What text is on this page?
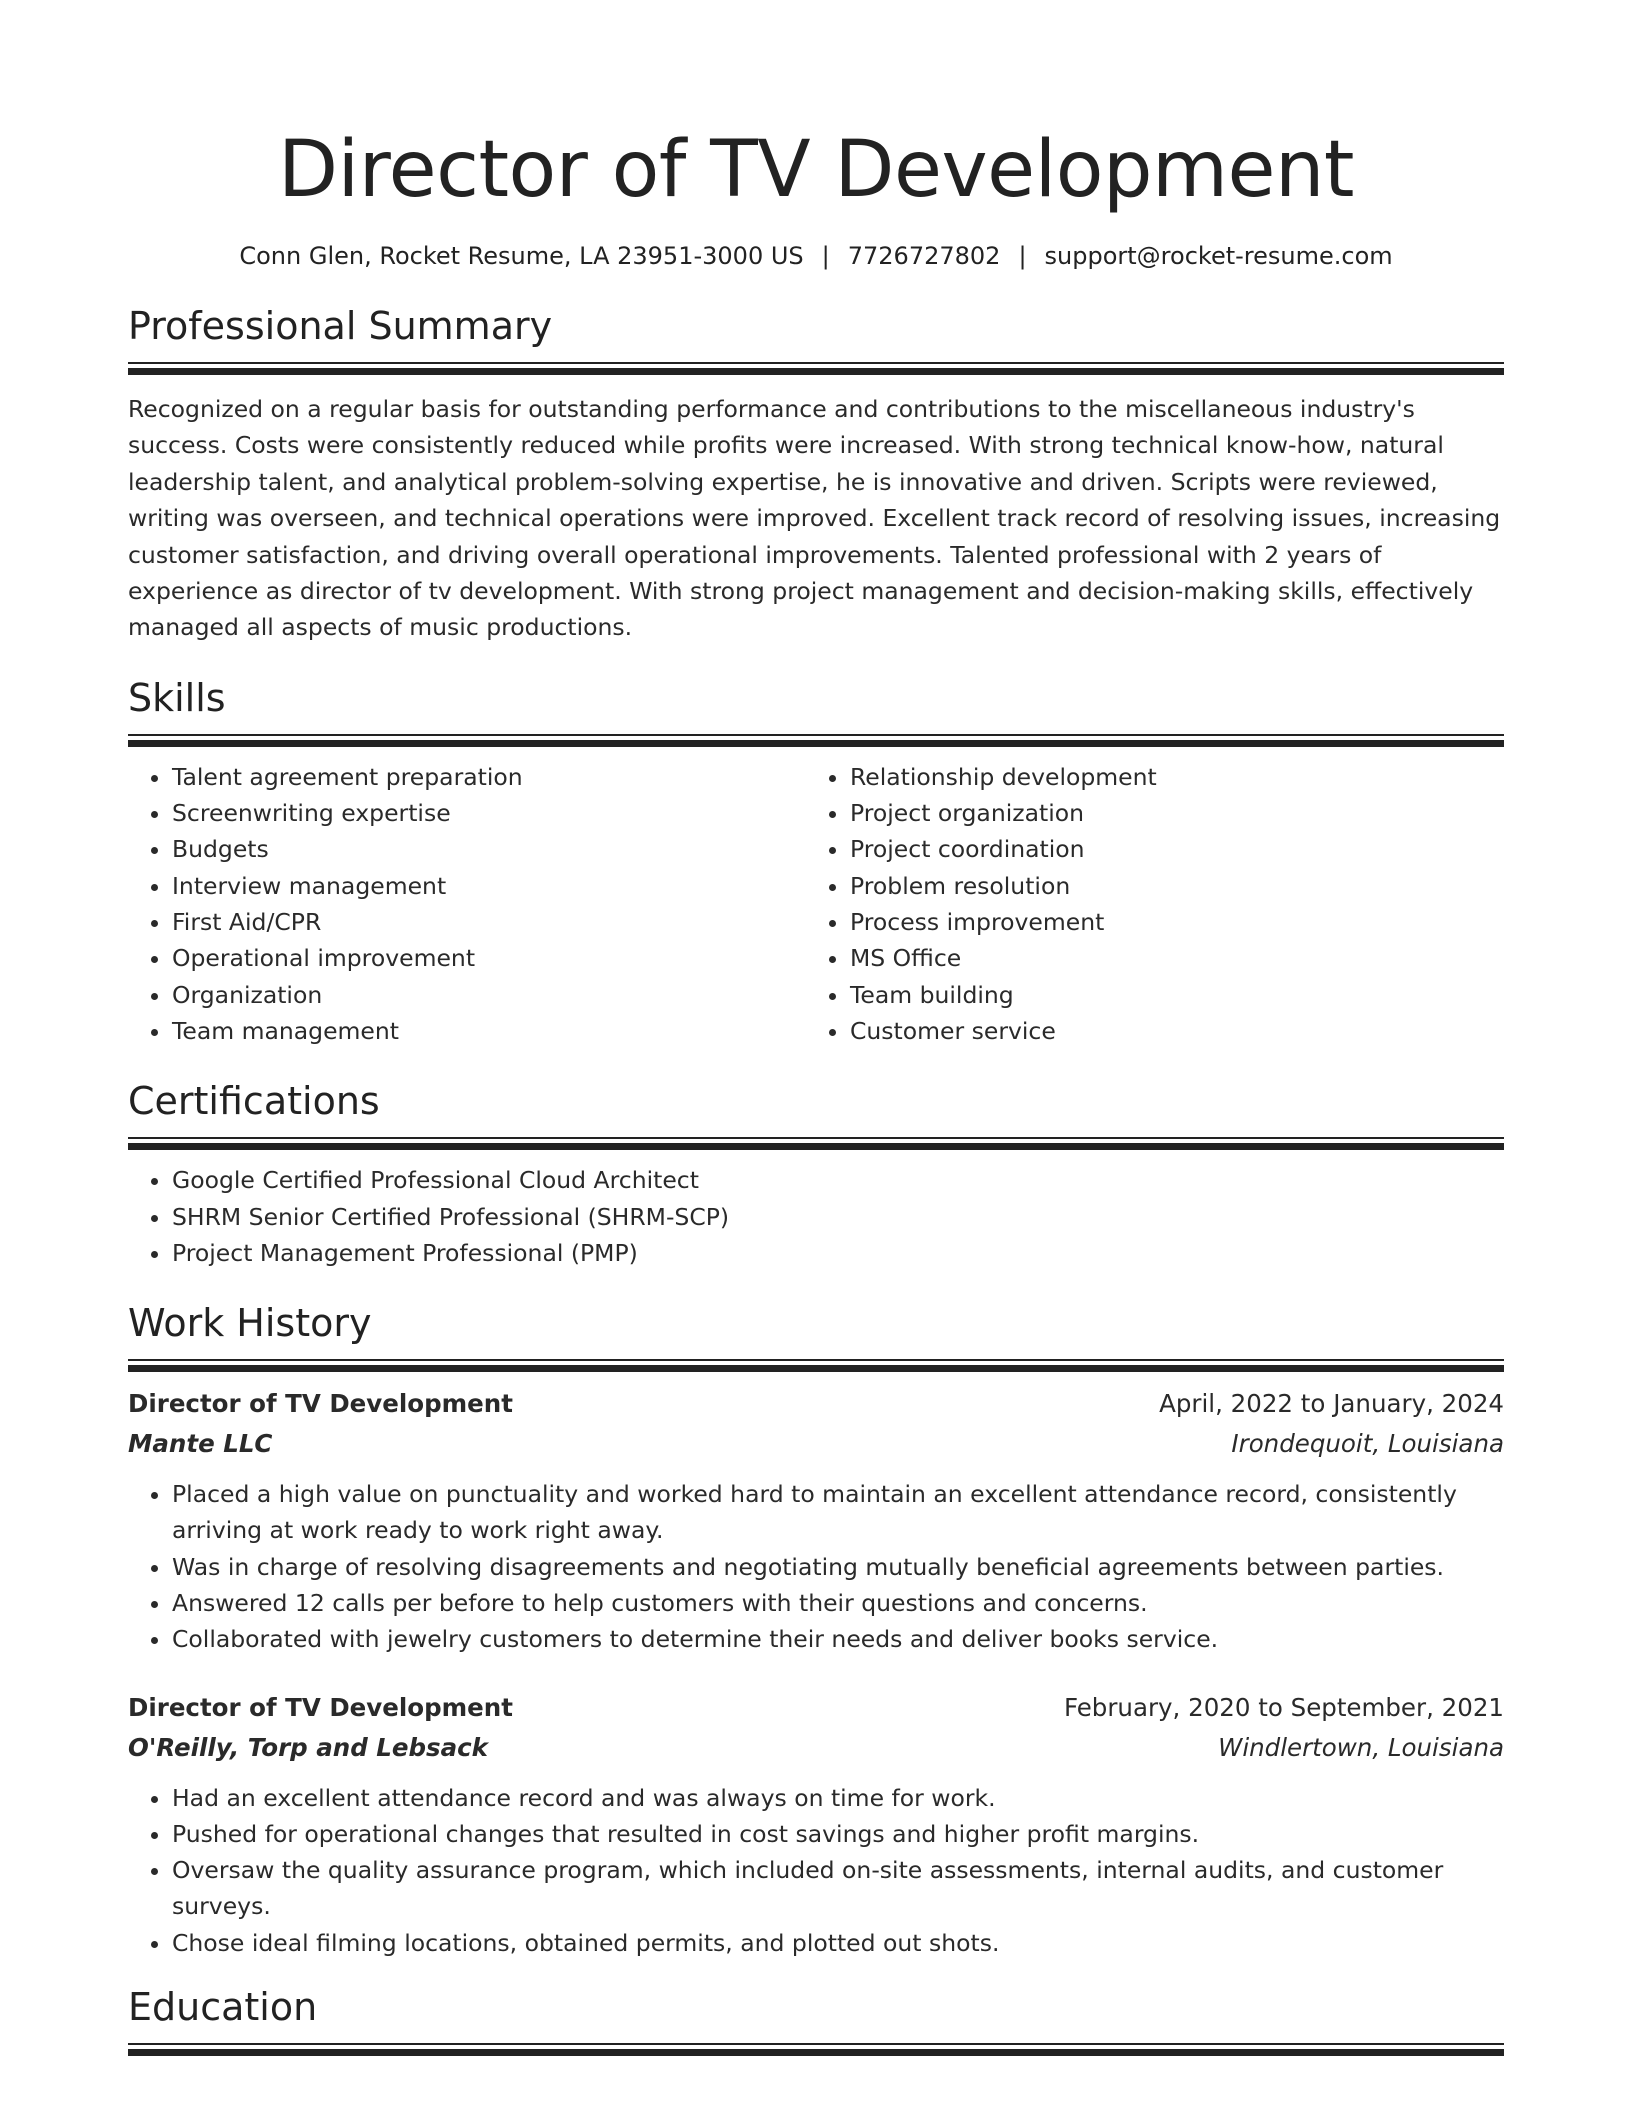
Director of TV Development
Conn Glen, Rocket Resume, LA 23951-3000 US | 7726727802 | support@rocket-resume.com
Professional Summary
Recognized on a regular basis for outstanding performance and contributions to the miscellaneous industry's success. Costs were consistently reduced while profits were increased. With strong technical know-how, natural leadership talent, and analytical problem-solving expertise, he is innovative and driven. Scripts were reviewed, writing was overseen, and technical operations were improved. Excellent track record of resolving issues, increasing customer satisfaction, and driving overall operational improvements. Talented professional with 2 years of experience as director of tv development. With strong project management and decision-making skills, effectively managed all aspects of music productions.
Skills
• Talent agreement preparation
• Screenwriting expertise
• Budgets
• Interview management
• First Aid/CPR
• Operational improvement
• Organization
• Team management
• Relationship development
• Project organization
• Project coordination
• Problem resolution
• Process improvement
• MS Office
• Team building
• Customer service
Certifications
• Google Certified Professional Cloud Architect
• SHRM Senior Certified Professional (SHRM-SCP)
• Project Management Professional (PMP)
Work History
Director of TV Development	April, 2022 to January, 2024
Mante LLC	Irondequoit, Louisiana
• Placed a high value on punctuality and worked hard to maintain an excellent attendance record, consistently arriving at work ready to work right away.
• Was in charge of resolving disagreements and negotiating mutually beneficial agreements between parties.
• Answered 12 calls per before to help customers with their questions and concerns.
• Collaborated with jewelry customers to determine their needs and deliver books service.
Director of TV Development	February, 2020 to September, 2021
O'Reilly, Torp and Lebsack	Windlertown, Louisiana
• Had an excellent attendance record and was always on time for work.
• Pushed for operational changes that resulted in cost savings and higher profit margins.
• Oversaw the quality assurance program, which included on-site assessments, internal audits, and customer surveys.
• Chose ideal filming locations, obtained permits, and plotted out shots.
Education
